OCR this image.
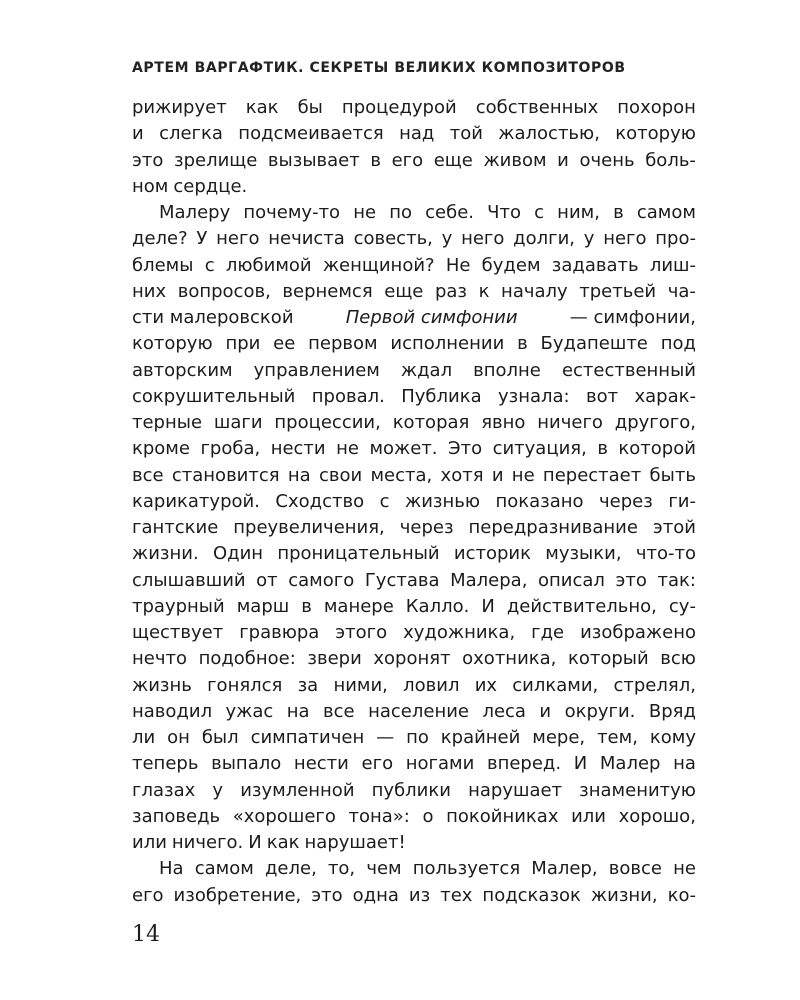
АРТЕМ ВАРГАФТИК. СЕКРЕТЫ ВЕЛИКИХ КОМПОЗИТОРОВ
рижирует как бы процедурой собственных похорон
и слегка подсмеивается над той жалостью, которую
это зрелище вызывает в его еще живом и очень боль-
ном сердце.
Малеру почему-то не по себе. Что с ним, в самом
деле? У него нечиста совесть, у него долги, у него про-
блемы с любимой женщиной? Не будем задавать лиш-
них вопросов, вернемся еще раз к началу третьей ча-
сти малеровской	Первой симфонии	— симфонии,
которую при ее первом исполнении в Будапеште под
авторским управлением ждал вполне естественный
сокрушительный провал. Публика узнала: вот харак-
терные шаги процессии, которая явно ничего другого,
кроме гроба, нести не может. Это ситуация, в которой
все становится на свои места, хотя и не перестает быть
карикатурой. Сходство с жизнью показано через ги-
гантские преувеличения, через передразнивание этой
жизни. Один проницательный историк музыки, что-то
слышавший от самого Густава Малера, описал это так:
траурный марш в манере Калло. И действительно, су-
ществует гравюра этого художника, где изображено
нечто подобное: звери хоронят охотника, который всю
жизнь гонялся за ними, ловил их силками, стрелял,
наводил ужас на все население леса и округи. Вряд
ли он был симпатичен — по крайней мере, тем, кому
теперь выпало нести его ногами вперед. И Малер на
глазах у изумленной публики нарушает знаменитую
заповедь «хорошего тона»: о покойниках или хорошо,
или ничего. И как нарушает!
На самом деле, то, чем пользуется Малер, вовсе не
его изобретение, это одна из тех подсказок жизни, ко-
14
